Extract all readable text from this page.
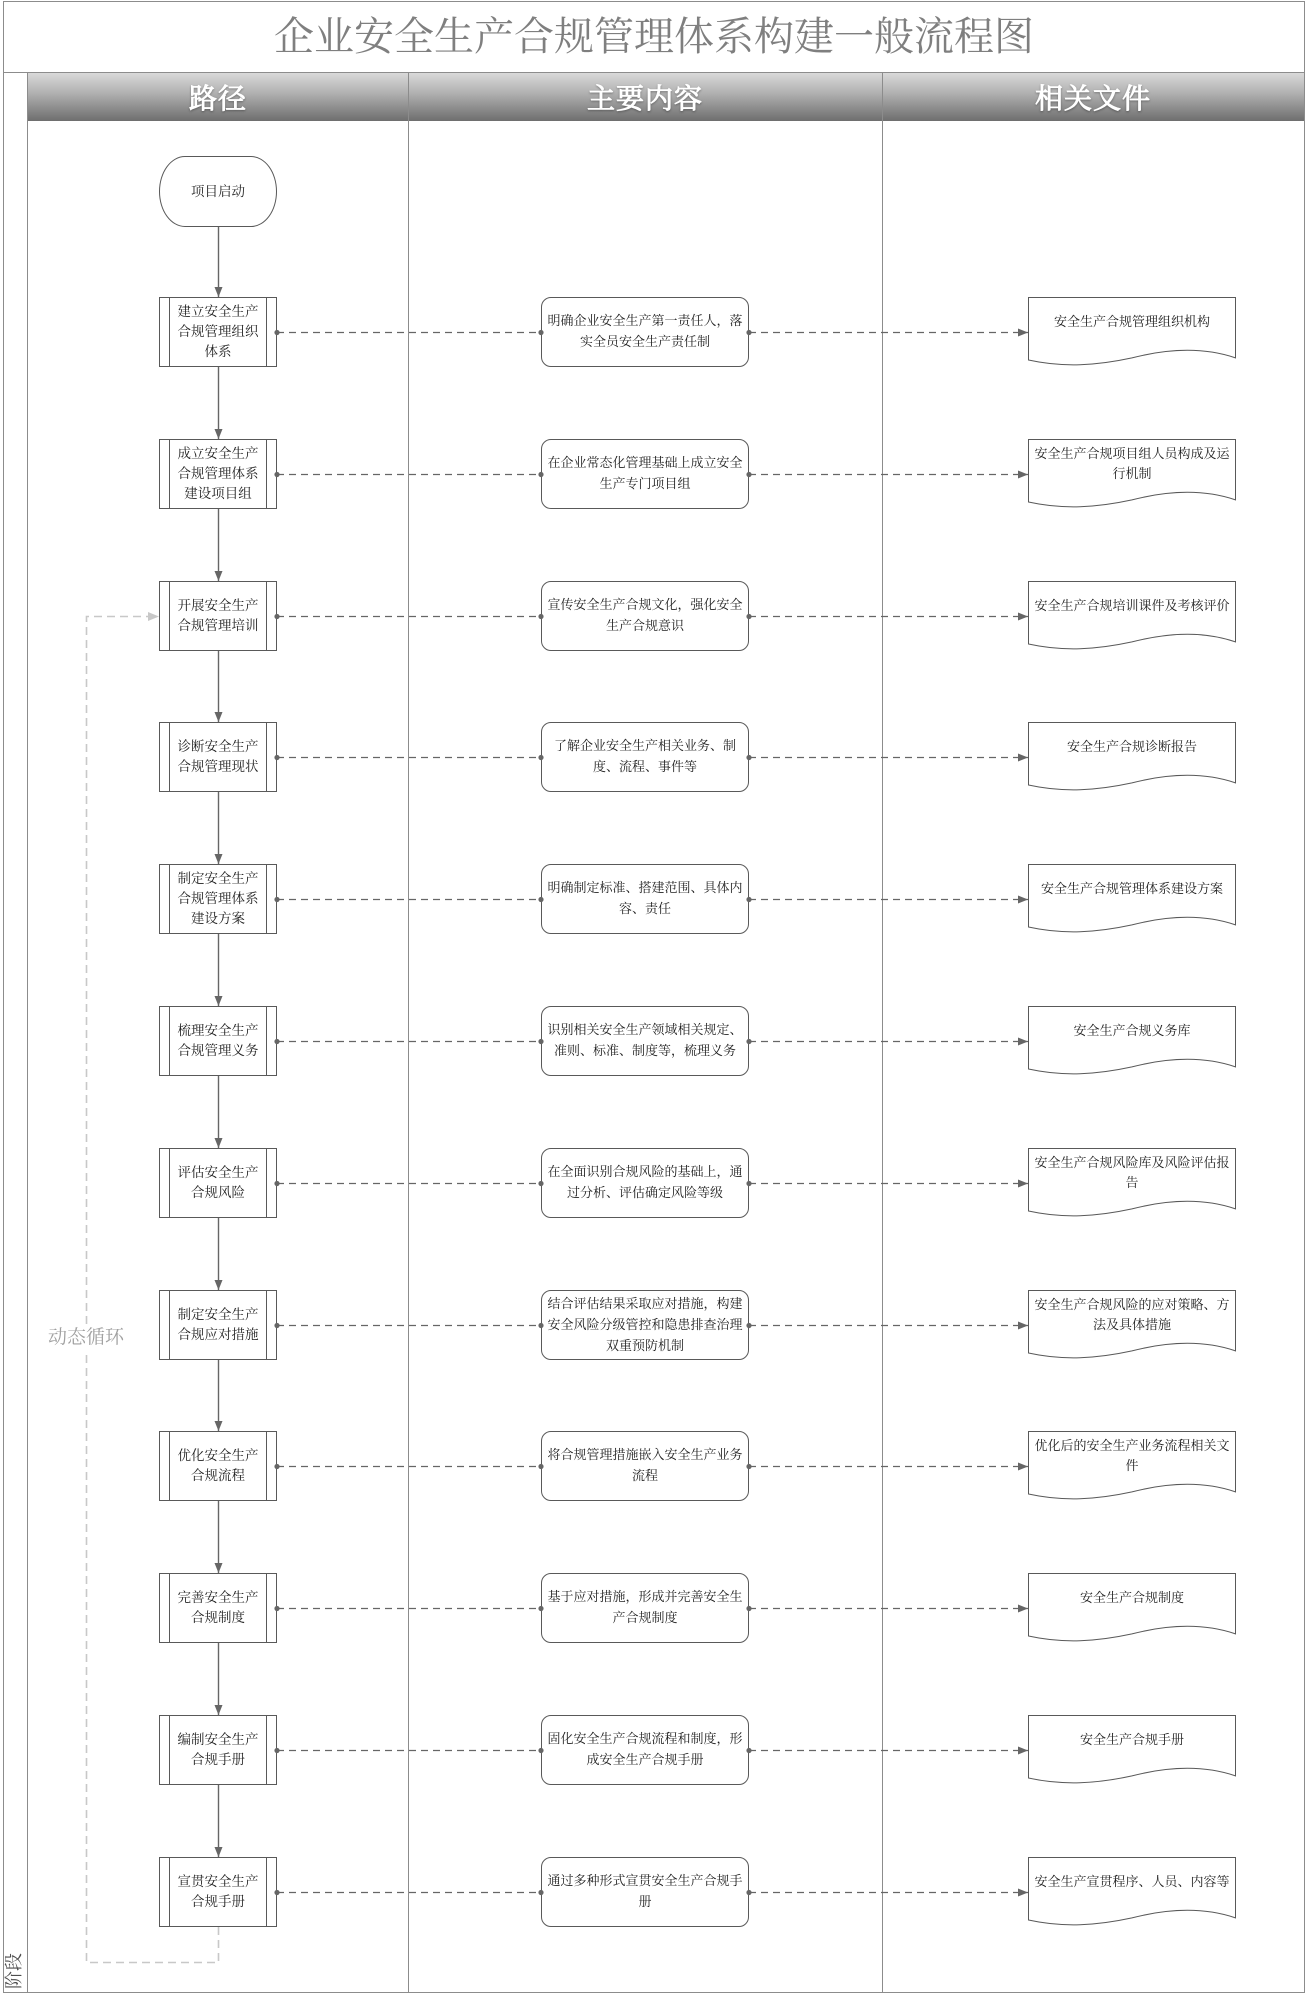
企业安全生产合规管理体系构建一般流程图
阶段
路径	主要内容	相关文件
项目启动
动态循环
建立安全生产
合规管理组织
体系
明确企业安全生产第一责任人，落
实全员安全生产责任制
安全生产合规管理组织机构
成立安全生产
合规管理体系
建设项目组
在企业常态化管理基础上成立安全
生产专门项目组
安全生产合规项目组人员构成及运
行机制
开展安全生产
合规管理培训
宣传安全生产合规文化，强化安全
生产合规意识
安全生产合规培训课件及考核评价
诊断安全生产
合规管理现状
了解企业安全生产相关业务、制
度、流程、事件等
安全生产合规诊断报告
制定安全生产
合规管理体系
建设方案
明确制定标准、搭建范围、具体内
容、责任
安全生产合规管理体系建设方案
梳理安全生产
合规管理义务
识别相关安全生产领域相关规定、
准则、标准、制度等，梳理义务
安全生产合规义务库
评估安全生产
合规风险
在全面识别合规风险的基础上，通
过分析、评估确定风险等级
安全生产合规风险库及风险评估报
告
制定安全生产
合规应对措施
结合评估结果采取应对措施，构建
安全风险分级管控和隐患排查治理
双重预防机制
安全生产合规风险的应对策略、方
法及具体措施
优化安全生产
合规流程
将合规管理措施嵌入安全生产业务
流程
优化后的安全生产业务流程相关文
件
完善安全生产
合规制度
基于应对措施，形成并完善安全生
产合规制度
安全生产合规制度
编制安全生产
合规手册
固化安全生产合规流程和制度，形
成安全生产合规手册
安全生产合规手册
宣贯安全生产
合规手册
通过多种形式宣贯安全生产合规手
册
安全生产宣贯程序、人员、内容等
